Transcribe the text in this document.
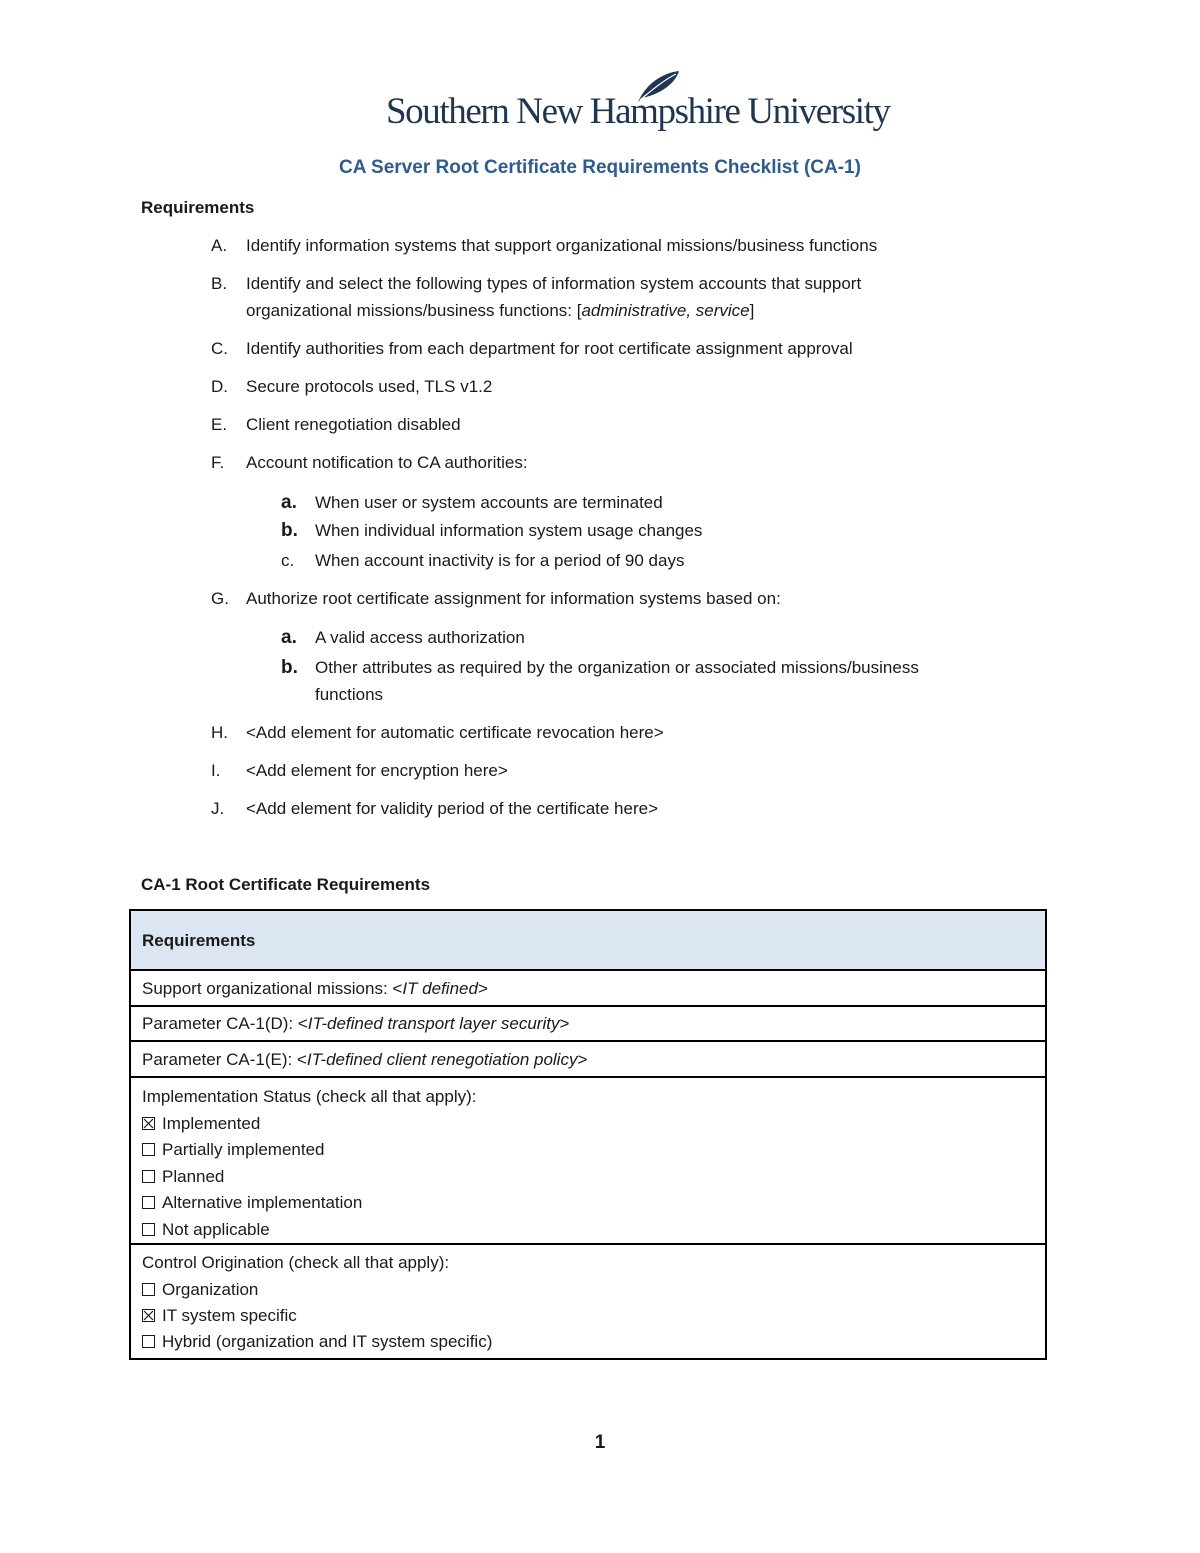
Southern New Hampshire University
CA Server Root Certificate Requirements Checklist (CA-1)
Requirements
A. Identify information systems that support organizational missions/business functions
B. Identify and select the following types of information system accounts that support
organizational missions/business functions: [administrative, service]
C. Identify authorities from each department for root certificate assignment approval
D. Secure protocols used, TLS v1.2
E. Client renegotiation disabled
F. Account notification to CA authorities:
a. When user or system accounts are terminated
b. When individual information system usage changes
c. When account inactivity is for a period of 90 days
G. Authorize root certificate assignment for information systems based on:
a. A valid access authorization
b. Other attributes as required by the organization or associated missions/business
functions
H. <Add element for automatic certificate revocation here>
I. <Add element for encryption here>
J. <Add element for validity period of the certificate here>
CA-1 Root Certificate Requirements
Requirements
Support organizational missions: <IT defined>
Parameter CA-1(D): <IT-defined transport layer security>
Parameter CA-1(E): <IT-defined client renegotiation policy>
Implementation Status (check all that apply):
Implemented
Partially implemented
Planned
Alternative implementation
Not applicable
Control Origination (check all that apply):
Organization
IT system specific
Hybrid (organization and IT system specific)
1
